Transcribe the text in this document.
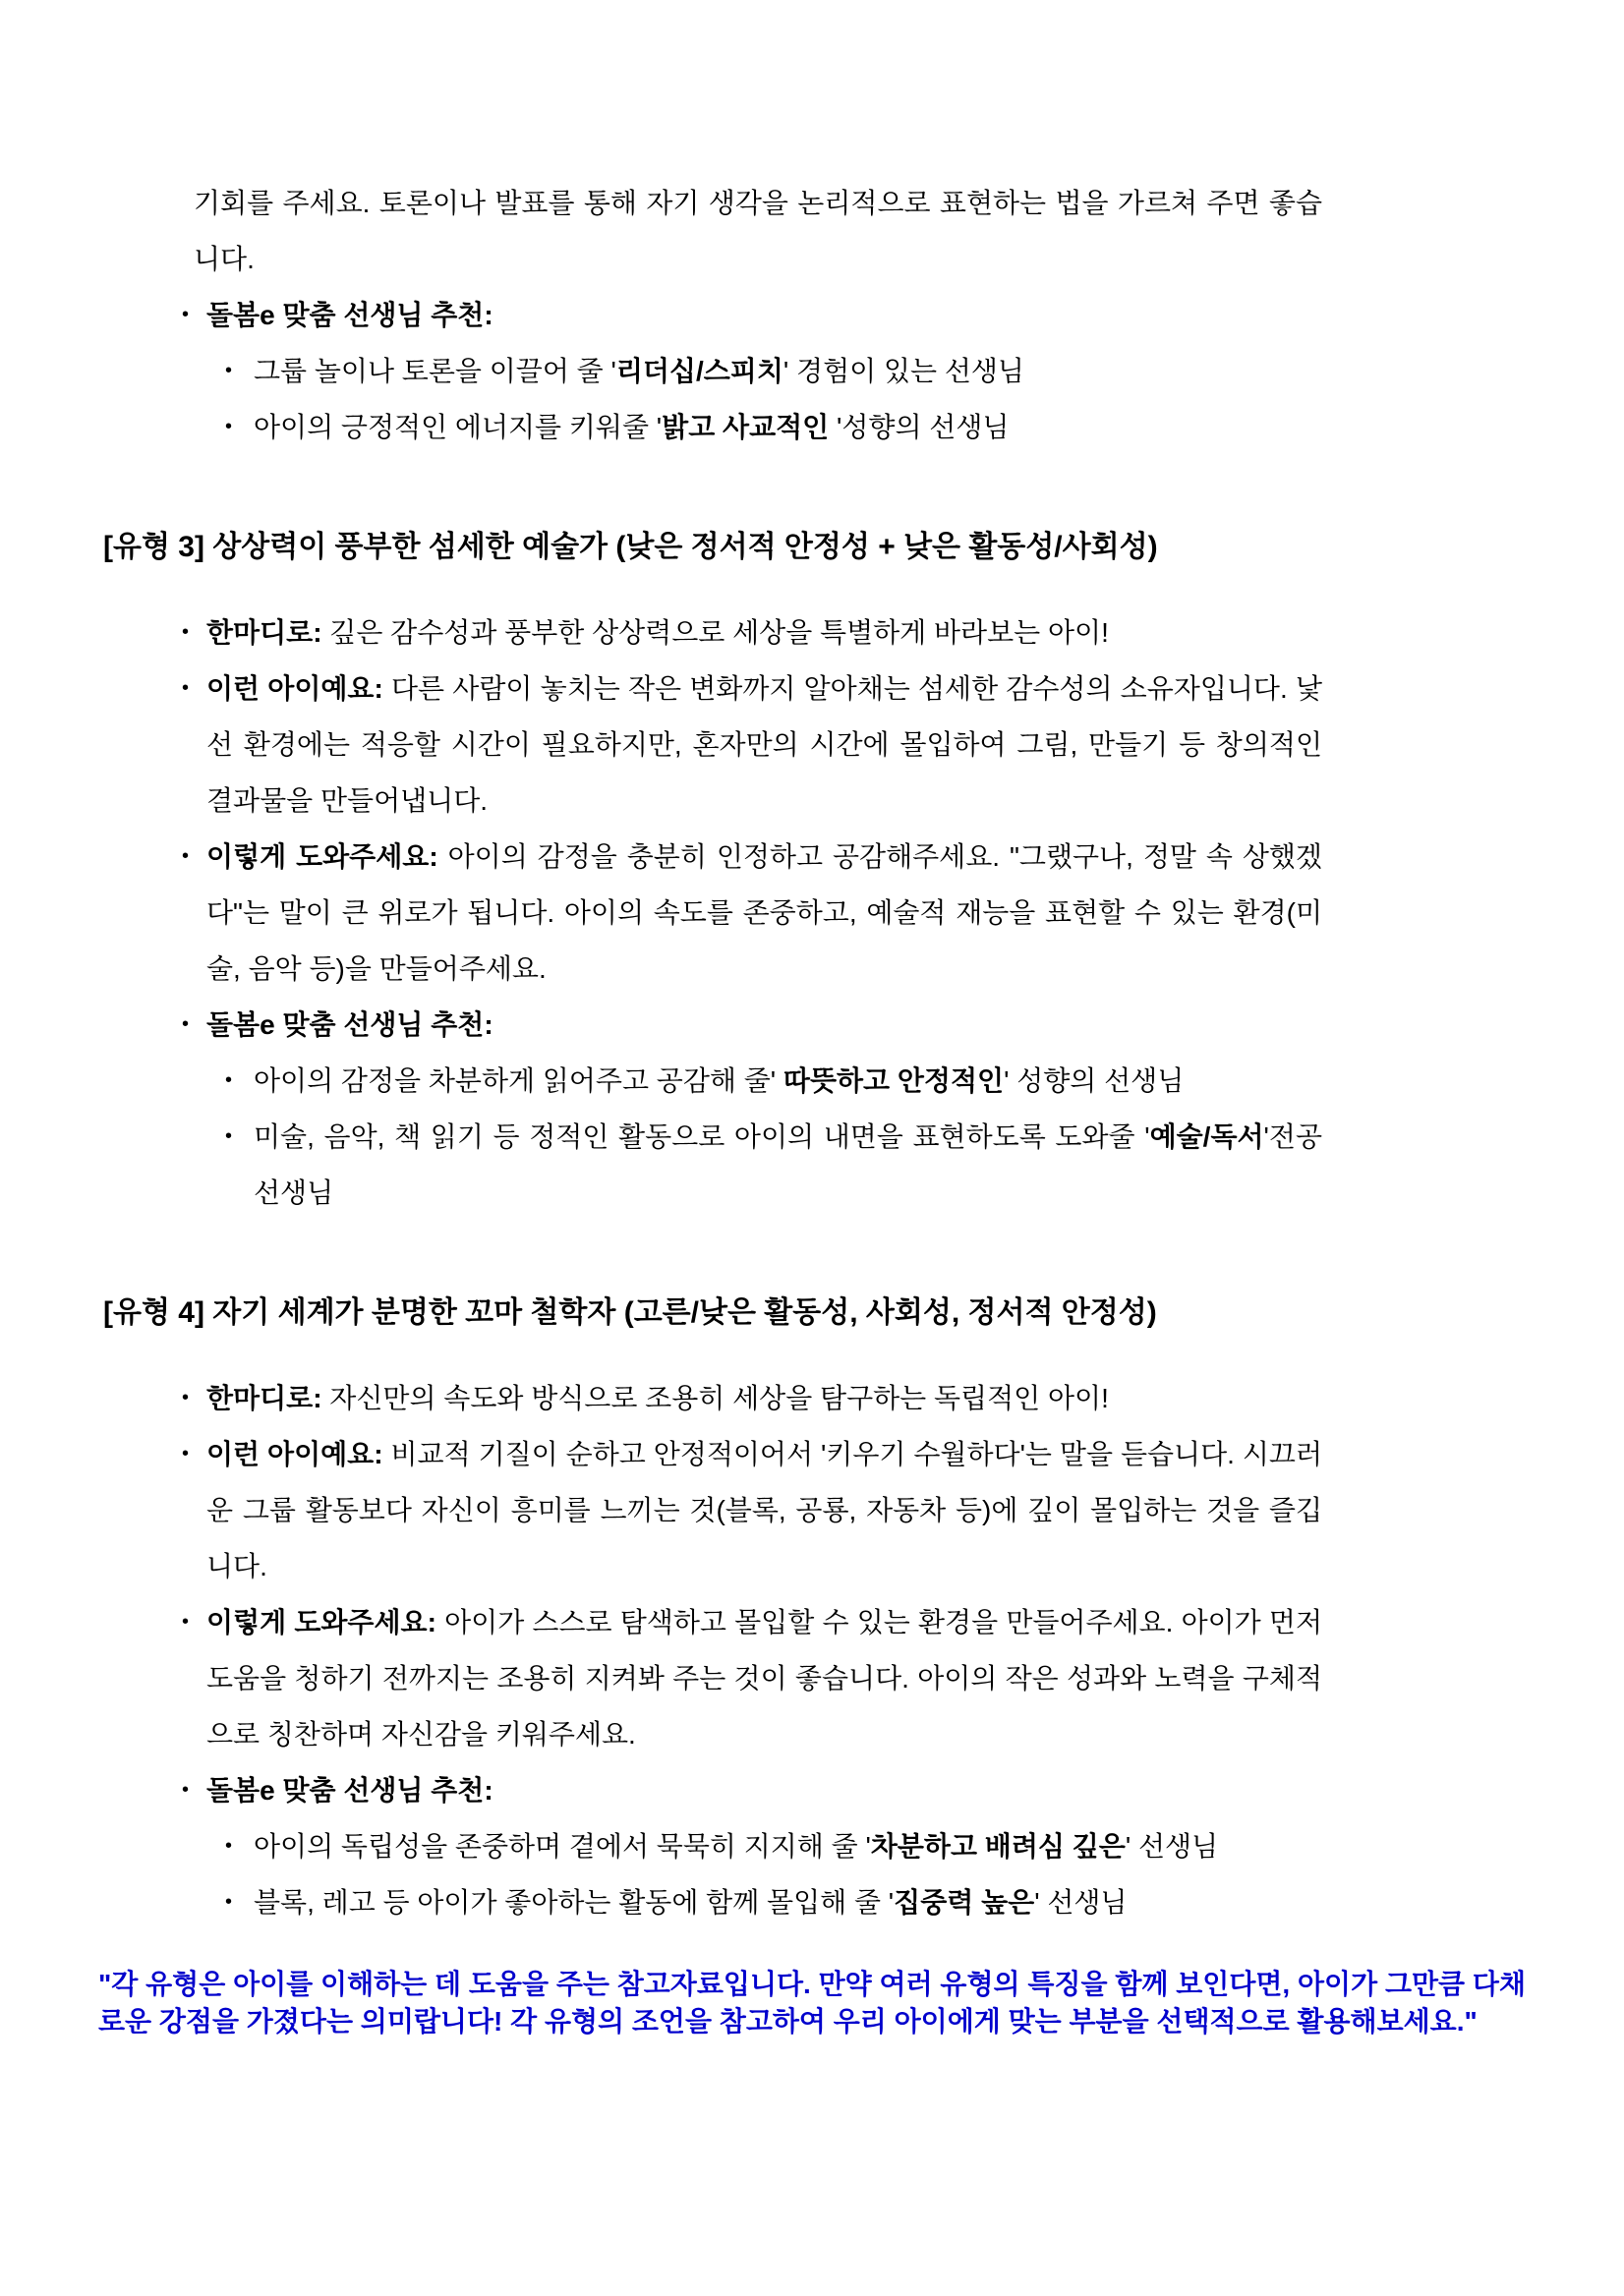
기회를 주세요. 토론이나 발표를 통해 자기 생각을 논리적으로 표현하는 법을 가르쳐 주면 좋습니다.
• 돌봄e 맞춤 선생님 추천:
• 그룹 놀이나 토론을 이끌어 줄 '리더십/스피치' 경험이 있는 선생님
• 아이의 긍정적인 에너지를 키워줄 '밝고 사교적인 '성향의 선생님
[유형 3] 상상력이 풍부한 섬세한 예술가 (낮은 정서적 안정성 + 낮은 활동성/사회성)
• 한마디로: 깊은 감수성과 풍부한 상상력으로 세상을 특별하게 바라보는 아이!
• 이런 아이예요: 다른 사람이 놓치는 작은 변화까지 알아채는 섬세한 감수성의 소유자입니다. 낯선 환경에는 적응할 시간이 필요하지만, 혼자만의 시간에 몰입하여 그림, 만들기 등 창의적인 결과물을 만들어냅니다.
• 이렇게 도와주세요: 아이의 감정을 충분히 인정하고 공감해주세요. "그랬구나, 정말 속 상했겠다"는 말이 큰 위로가 됩니다. 아이의 속도를 존중하고, 예술적 재능을 표현할 수 있는 환경(미술, 음악 등)을 만들어주세요.
• 돌봄e 맞춤 선생님 추천:
• 아이의 감정을 차분하게 읽어주고 공감해 줄' 따뜻하고 안정적인' 성향의 선생님
• 미술, 음악, 책 읽기 등 정적인 활동으로 아이의 내면을 표현하도록 도와줄 '예술/독서'전공 선생님
[유형 4] 자기 세계가 분명한 꼬마 철학자 (고른/낮은 활동성, 사회성, 정서적 안정성)
• 한마디로: 자신만의 속도와 방식으로 조용히 세상을 탐구하는 독립적인 아이!
• 이런 아이예요: 비교적 기질이 순하고 안정적이어서 '키우기 수월하다'는 말을 듣습니다. 시끄러운 그룹 활동보다 자신이 흥미를 느끼는 것(블록, 공룡, 자동차 등)에 깊이 몰입하는 것을 즐깁니다.
• 이렇게 도와주세요: 아이가 스스로 탐색하고 몰입할 수 있는 환경을 만들어주세요. 아이가 먼저 도움을 청하기 전까지는 조용히 지켜봐 주는 것이 좋습니다. 아이의 작은 성과와 노력을 구체적으로 칭찬하며 자신감을 키워주세요.
• 돌봄e 맞춤 선생님 추천:
• 아이의 독립성을 존중하며 곁에서 묵묵히 지지해 줄 '차분하고 배려심 깊은' 선생님
• 블록, 레고 등 아이가 좋아하는 활동에 함께 몰입해 줄 '집중력 높은' 선생님
"각 유형은 아이를 이해하는 데 도움을 주는 참고자료입니다. 만약 여러 유형의 특징을 함께 보인다면, 아이가 그만큼 다채로운 강점을 가졌다는 의미랍니다! 각 유형의 조언을 참고하여 우리 아이에게 맞는 부분을 선택적으로 활용해보세요."
